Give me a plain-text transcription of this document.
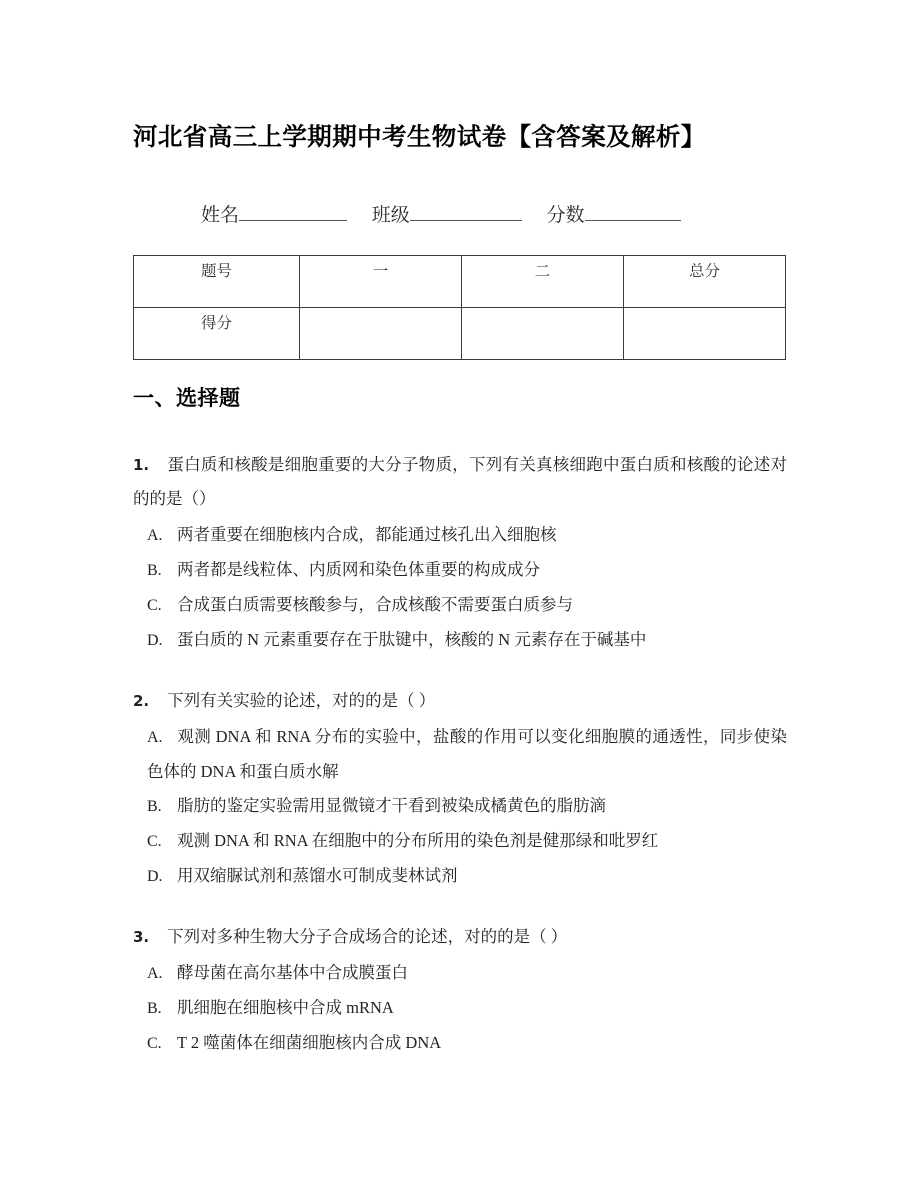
河北省高三上学期期中考生物试卷【含答案及解析】
姓名	班级	分数
题号	一	二	总分
得分			
一、选择题
1. 蛋白质和核酸是细胞重要的大分子物质，下列有关真核细跑中蛋白质和核酸的论述对的的是（）
A. 两者重要在细胞核内合成，都能通过核孔出入细胞核
B. 两者都是线粒体、内质网和染色体重要的构成成分
C. 合成蛋白质需要核酸参与，合成核酸不需要蛋白质参与
D. 蛋白质的 N 元素重要存在于肽键中，核酸的 N 元素存在于碱基中
2. 下列有关实验的论述，对的的是（ ）
A. 观测 DNA 和 RNA 分布的实验中，盐酸的作用可以变化细胞膜的通透性，同步使染色体的 DNA 和蛋白质水解
B. 脂肪的鉴定实验需用显微镜才干看到被染成橘黄色的脂肪滴
C. 观测 DNA 和 RNA 在细胞中的分布所用的染色剂是健那绿和吡罗红
D. 用双缩脲试剂和蒸馏水可制成斐林试剂
3. 下列对多种生物大分子合成场合的论述，对的的是（ ）
A. 酵母菌在高尔基体中合成膜蛋白
B. 肌细胞在细胞核中合成 mRNA
C. T 2 噬菌体在细菌细胞核内合成 DNA
